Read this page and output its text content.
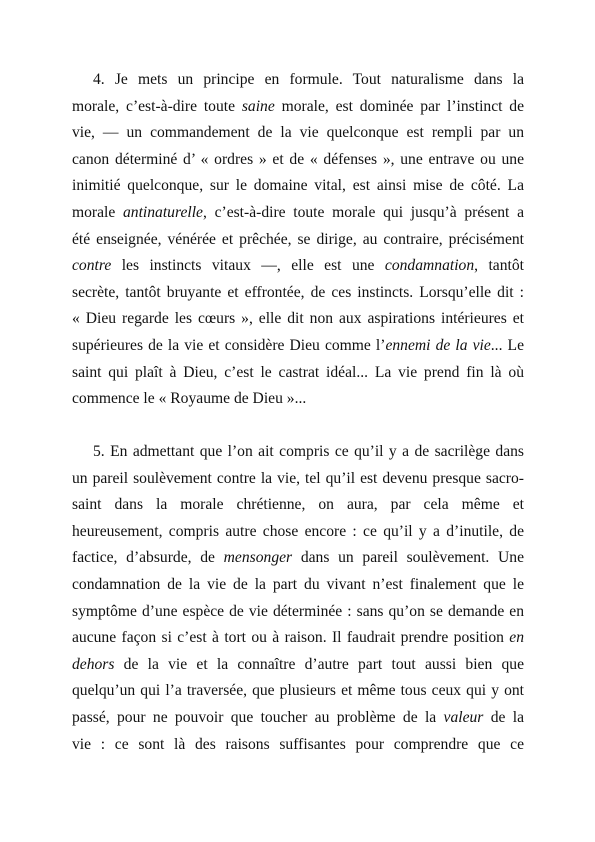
4. Je mets un principe en formule. Tout naturalisme dans la
morale, c’est-à-dire toute saine morale, est dominée par l’instinct de
vie, — un commandement de la vie quelconque est rempli par un
canon déterminé d’ « ordres » et de « défenses », une entrave ou une
inimitié quelconque, sur le domaine vital, est ainsi mise de côté. La
morale antinaturelle, c’est-à-dire toute morale qui jusqu’à présent a
été enseignée, vénérée et prêchée, se dirige, au contraire, précisément
contre les instincts vitaux —, elle est une condamnation, tantôt
secrète, tantôt bruyante et effrontée, de ces instincts. Lorsqu’elle dit :
« Dieu regarde les cœurs », elle dit non aux aspirations intérieures et
supérieures de la vie et considère Dieu comme l’ennemi de la vie... Le
saint qui plaît à Dieu, c’est le castrat idéal... La vie prend fin là où
commence le « Royaume de Dieu »...
5. En admettant que l’on ait compris ce qu’il y a de sacrilège dans
un pareil soulèvement contre la vie, tel qu’il est devenu presque sacro-
saint dans la morale chrétienne, on aura, par cela même et
heureusement, compris autre chose encore : ce qu’il y a d’inutile, de
factice, d’absurde, de mensonger dans un pareil soulèvement. Une
condamnation de la vie de la part du vivant n’est finalement que le
symptôme d’une espèce de vie déterminée : sans qu’on se demande en
aucune façon si c’est à tort ou à raison. Il faudrait prendre position en
dehors de la vie et la connaître d’autre part tout aussi bien que
quelqu’un qui l’a traversée, que plusieurs et même tous ceux qui y ont
passé, pour ne pouvoir que toucher au problème de la valeur de la
vie : ce sont là des raisons suffisantes pour comprendre que ce
